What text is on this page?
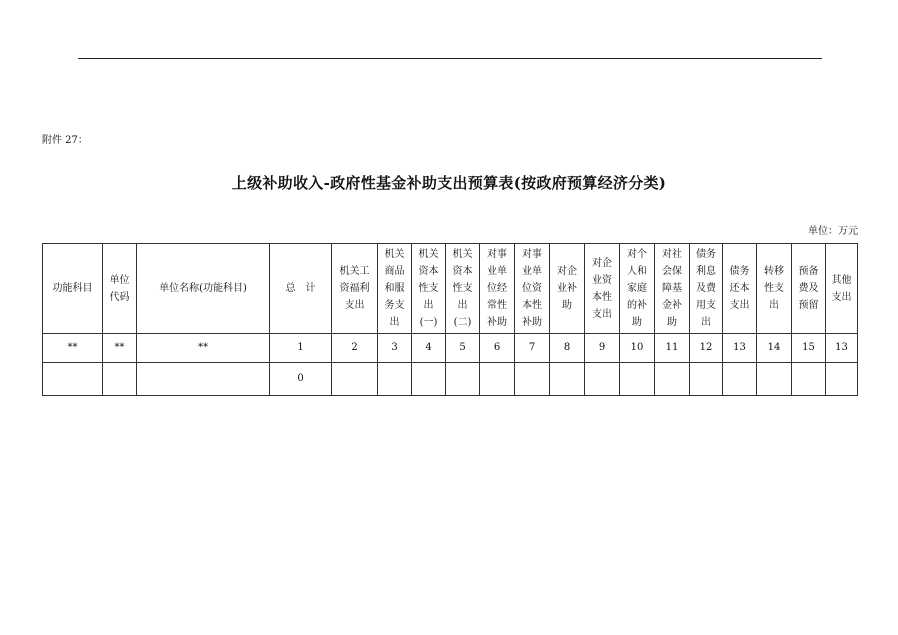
附件 27：
上级补助收入-政府性基金补助支出预算表(按政府预算经济分类)
单位：万元
功能科目	单位
代码	单位名称(功能科目)	总　计	机关工
资福利
支出	机关
商品
和服
务支
出	机关
资本
性支
出
(一)	机关
资本
性支
出
(二)	对事
业单
位经
常性
补助	对事
业单
位资
本性
补助	对企
业补
助	对企
业资
本性
支出	对个
人和
家庭
的补
助	对社
会保
障基
金补
助	债务
利息
及费
用支
出	债务
还本
支出	转移
性支
出	预备
费及
预留	其他
支出

**	**	**	1	2	3	4	5	6	7	8	9	10	11	12	13	14	15	13
			0															
